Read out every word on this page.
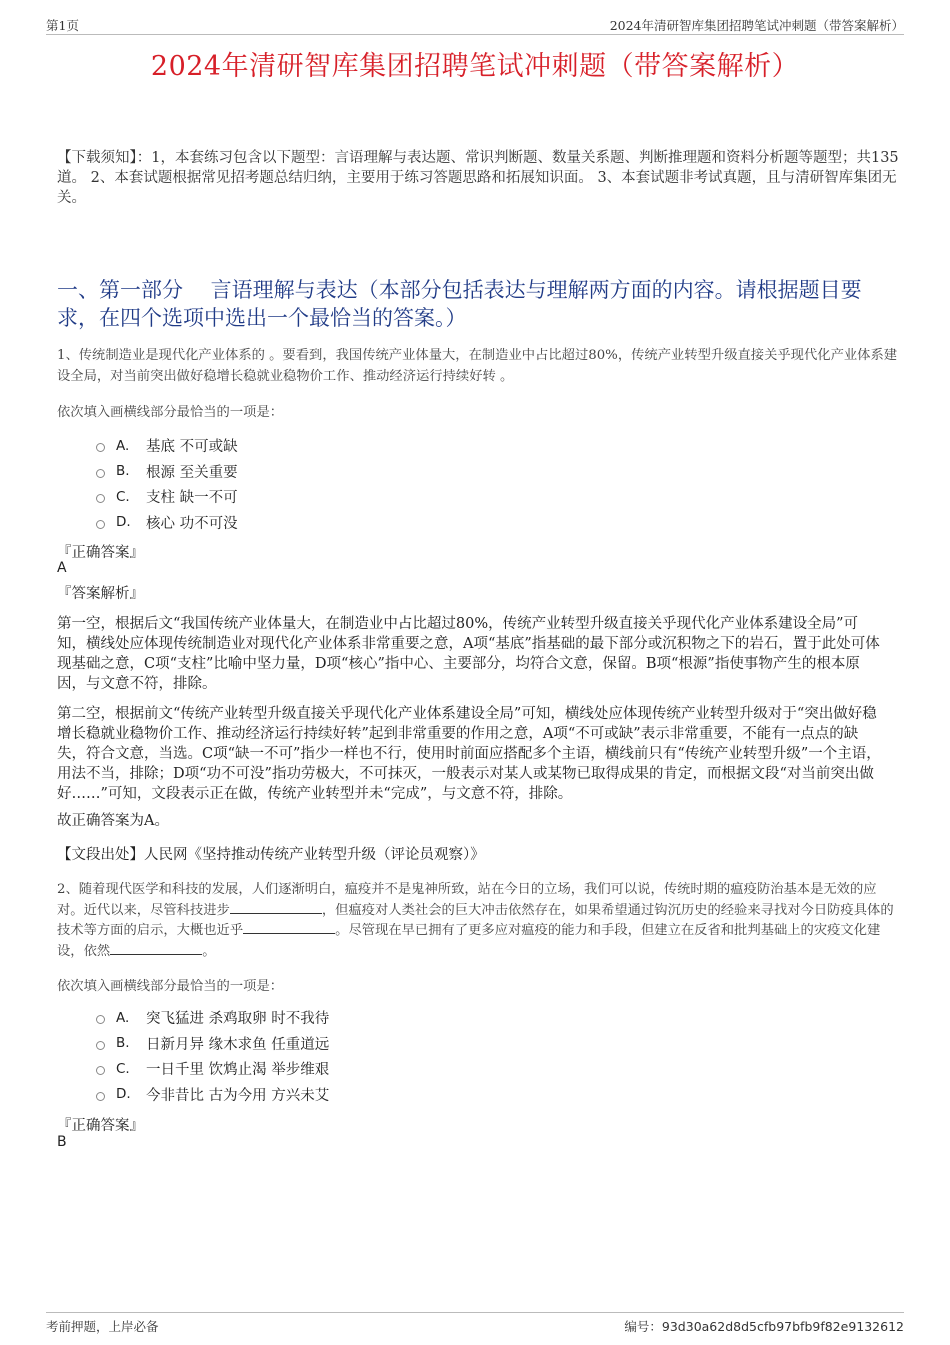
第1页	2024年清研智库集团招聘笔试冲刺题（带答案解析）
2024年清研智库集团招聘笔试冲刺题（带答案解析）
【下载须知】：1，本套练习包含以下题型：言语理解与表达题、常识判断题、数量关系题、判断推理题和资料分析题等题型；共135道。 2、本套试题根据常见招考题总结归纳，主要用于练习答题思路和拓展知识面。 3、本套试题非考试真题，且与清研智库集团无关。
一、第一部分　 言语理解与表达（本部分包括表达与理解两方面的内容。请根据题目要求，在四个选项中选出一个最恰当的答案。）
1、传统制造业是现代化产业体系的 。要看到，我国传统产业体量大，在制造业中占比超过80%，传统产业转型升级直接关乎现代化产业体系建设全局，对当前突出做好稳增长稳就业稳物价工作、推动经济运行持续好转 。
依次填入画横线部分最恰当的一项是：
A.	基底 不可或缺
B.	根源 至关重要
C.	支柱 缺一不可
D.	核心 功不可没
『正确答案』
A
『答案解析』
第一空，根据后文“我国传统产业体量大，在制造业中占比超过80%，传统产业转型升级直接关乎现代化产业体系建设全局”可知，横线处应体现传统制造业对现代化产业体系非常重要之意，A项“基底”指基础的最下部分或沉积物之下的岩石，置于此处可体现基础之意，C项“支柱”比喻中坚力量，D项“核心”指中心、主要部分，均符合文意，保留。B项“根源”指使事物产生的根本原因，与文意不符，排除。
第二空，根据前文“传统产业转型升级直接关乎现代化产业体系建设全局”可知，横线处应体现传统产业转型升级对于“突出做好稳增长稳就业稳物价工作、推动经济运行持续好转”起到非常重要的作用之意，A项“不可或缺”表示非常重要，不能有一点点的缺失，符合文意，当选。C项“缺一不可”指少一样也不行，使用时前面应搭配多个主语，横线前只有“传统产业转型升级”一个主语，用法不当，排除；D项“功不可没”指功劳极大，不可抹灭，一般表示对某人或某物已取得成果的肯定，而根据文段“对当前突出做好……”可知，文段表示正在做，传统产业转型并未“完成”，与文意不符，排除。
故正确答案为A。
【文段出处】人民网《坚持推动传统产业转型升级（评论员观察）》
2、随着现代医学和科技的发展，人们逐渐明白，瘟疫并不是鬼神所致，站在今日的立场，我们可以说，传统时期的瘟疫防治基本是无效的应对。近代以来，尽管科技进步	，但瘟疫对人类社会的巨大冲击依然存在，如果希望通过钩沉历史的经验来寻找对今日防疫具体的技术等方面的启示，大概也近乎	。尽管现在早已拥有了更多应对瘟疫的能力和手段，但建立在反省和批判基础上的灾疫文化建设，依然	。
依次填入画横线部分最恰当的一项是：
A.	突飞猛进 杀鸡取卵 时不我待
B.	日新月异 缘木求鱼 任重道远
C.	一日千里 饮鸩止渴 举步维艰
D.	今非昔比 古为今用 方兴未艾
『正确答案』
B
考前押题，上岸必备	编号：93d30a62d8d5cfb97bfb9f82e9132612
